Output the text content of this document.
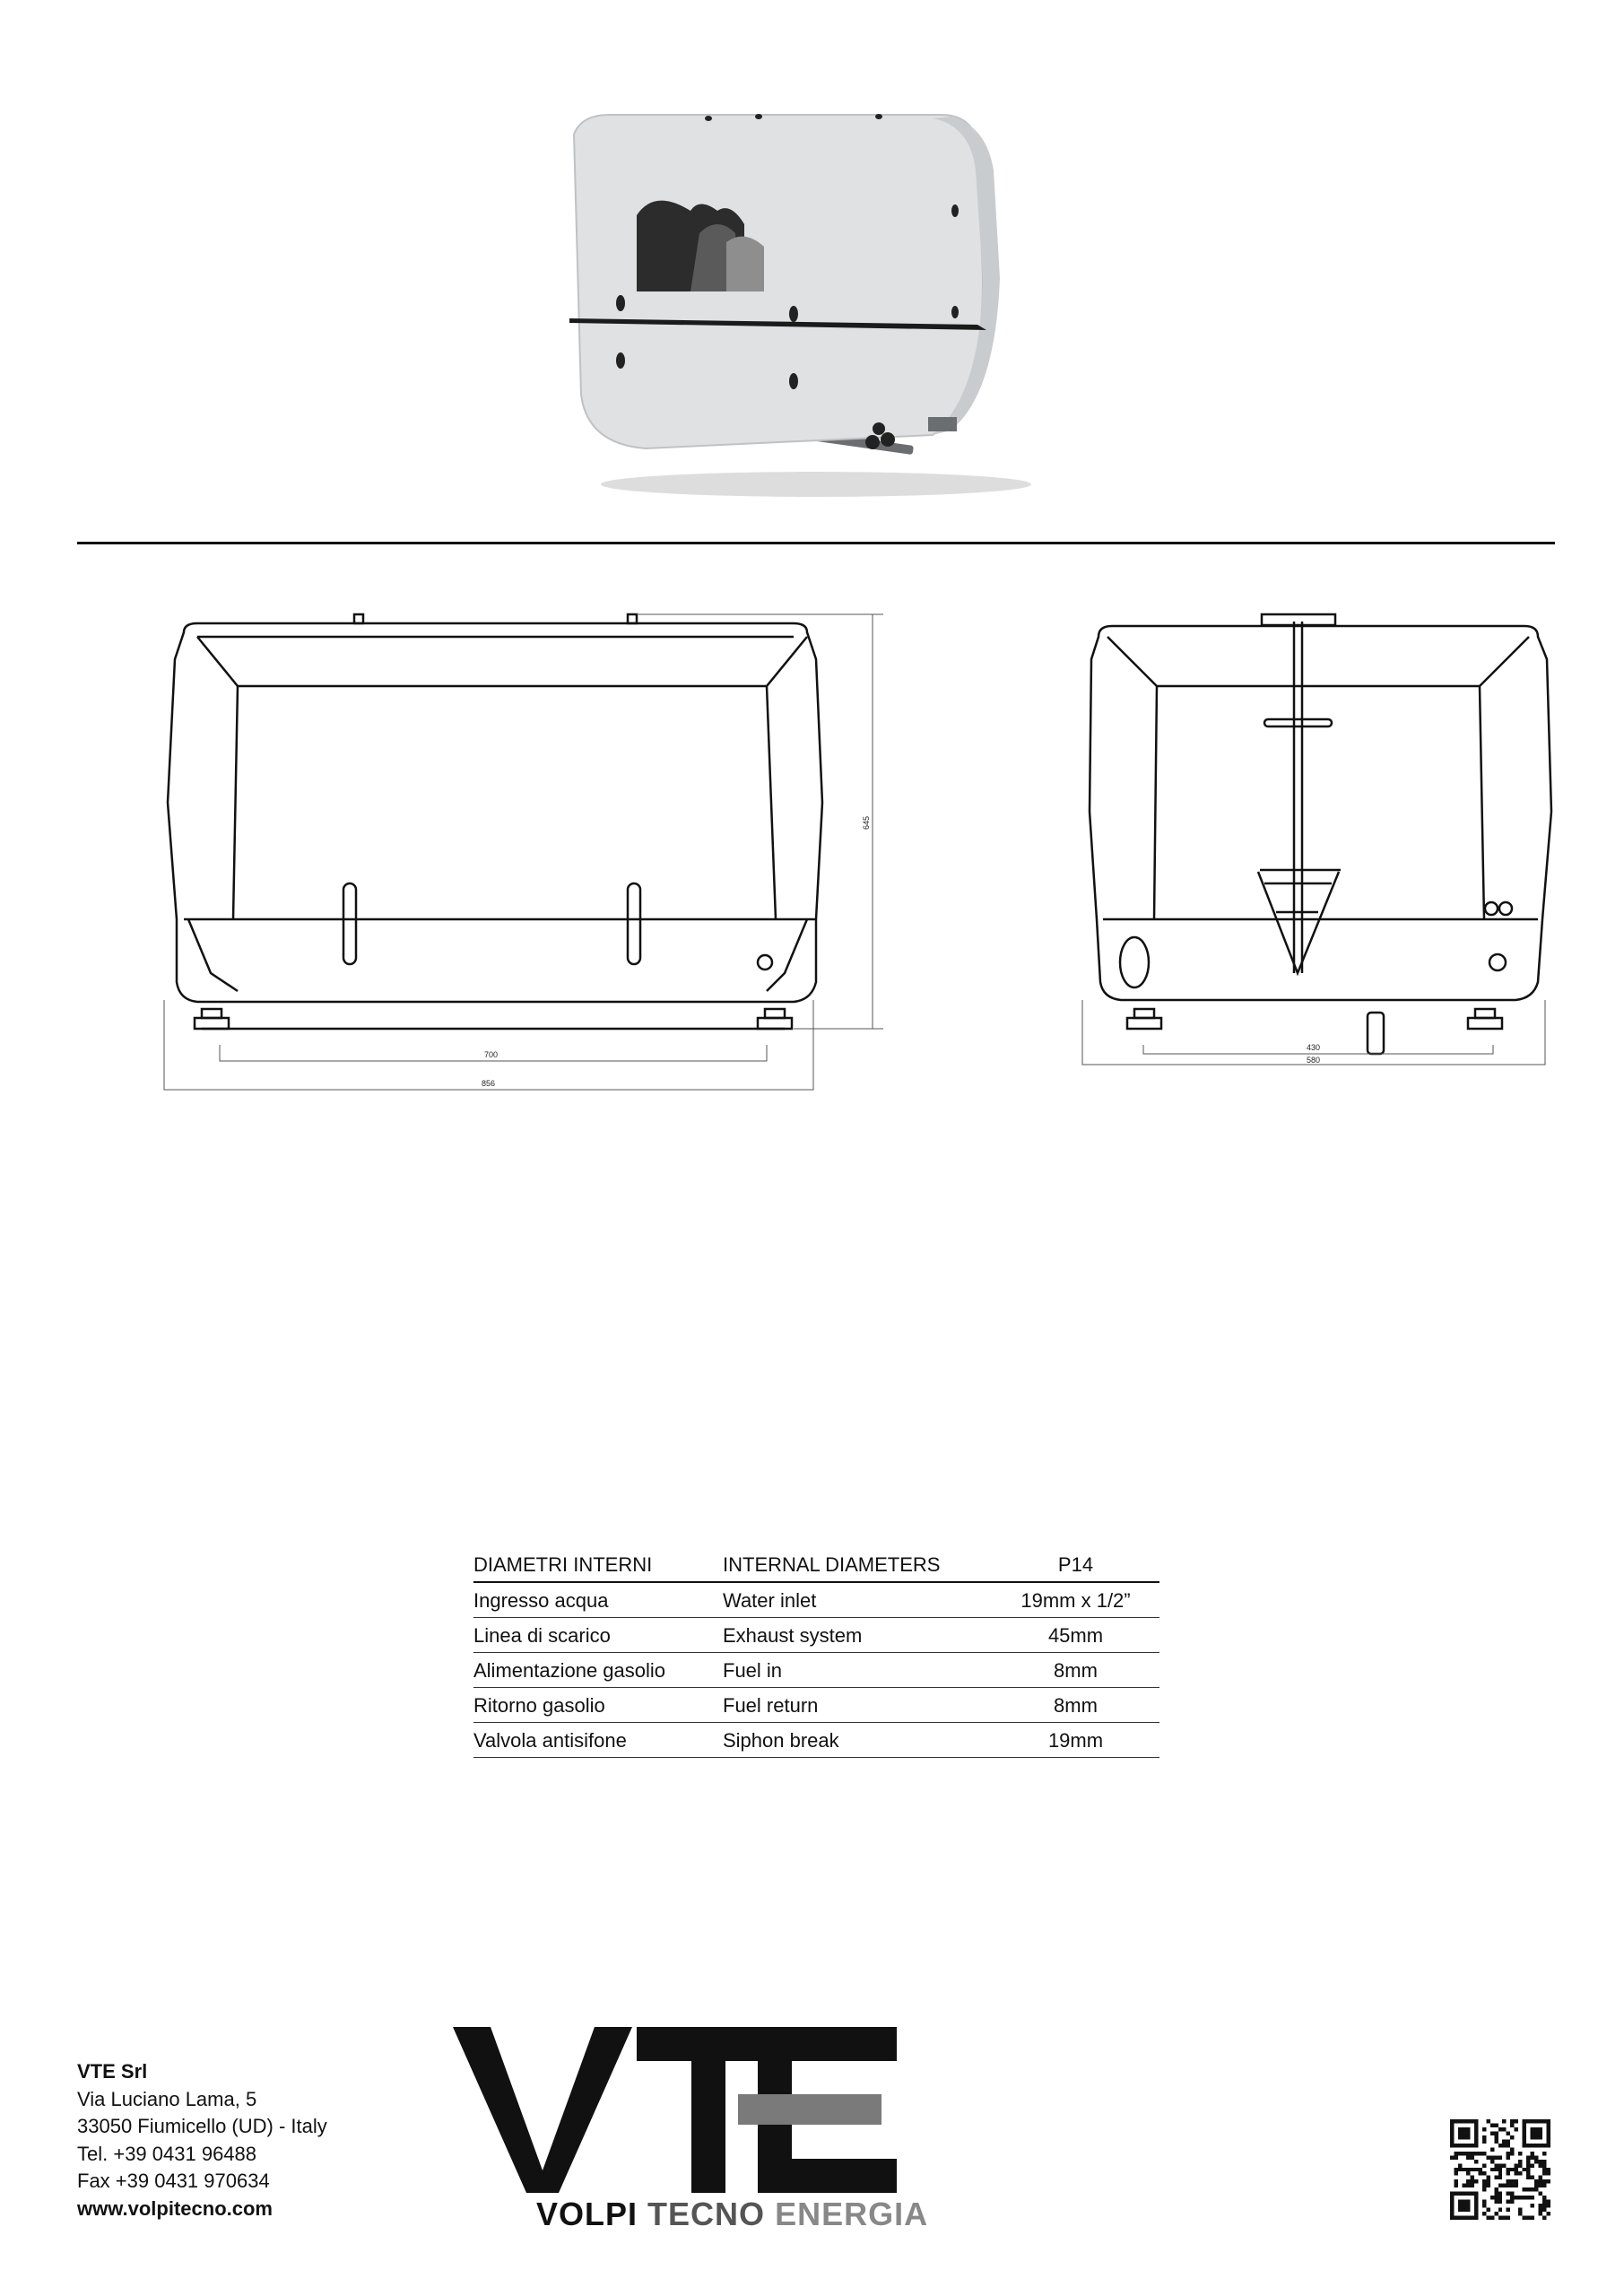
645
700
856
430
580
DIAMETRI INTERNI	INTERNAL DIAMETERS	P14
Ingresso acqua	Water inlet	19mm x 1/2”
Linea di scarico	Exhaust system	45mm
Alimentazione gasolio	Fuel in	8mm
Ritorno gasolio	Fuel return	8mm
Valvola antisifone	Siphon break	19mm
VTE Srl
Via Luciano Lama, 5
33050 Fiumicello (UD) - Italy
Tel. +39 0431 96488
Fax +39 0431 970634
www.volpitecno.com	VOLPI TECNO ENERGIA
